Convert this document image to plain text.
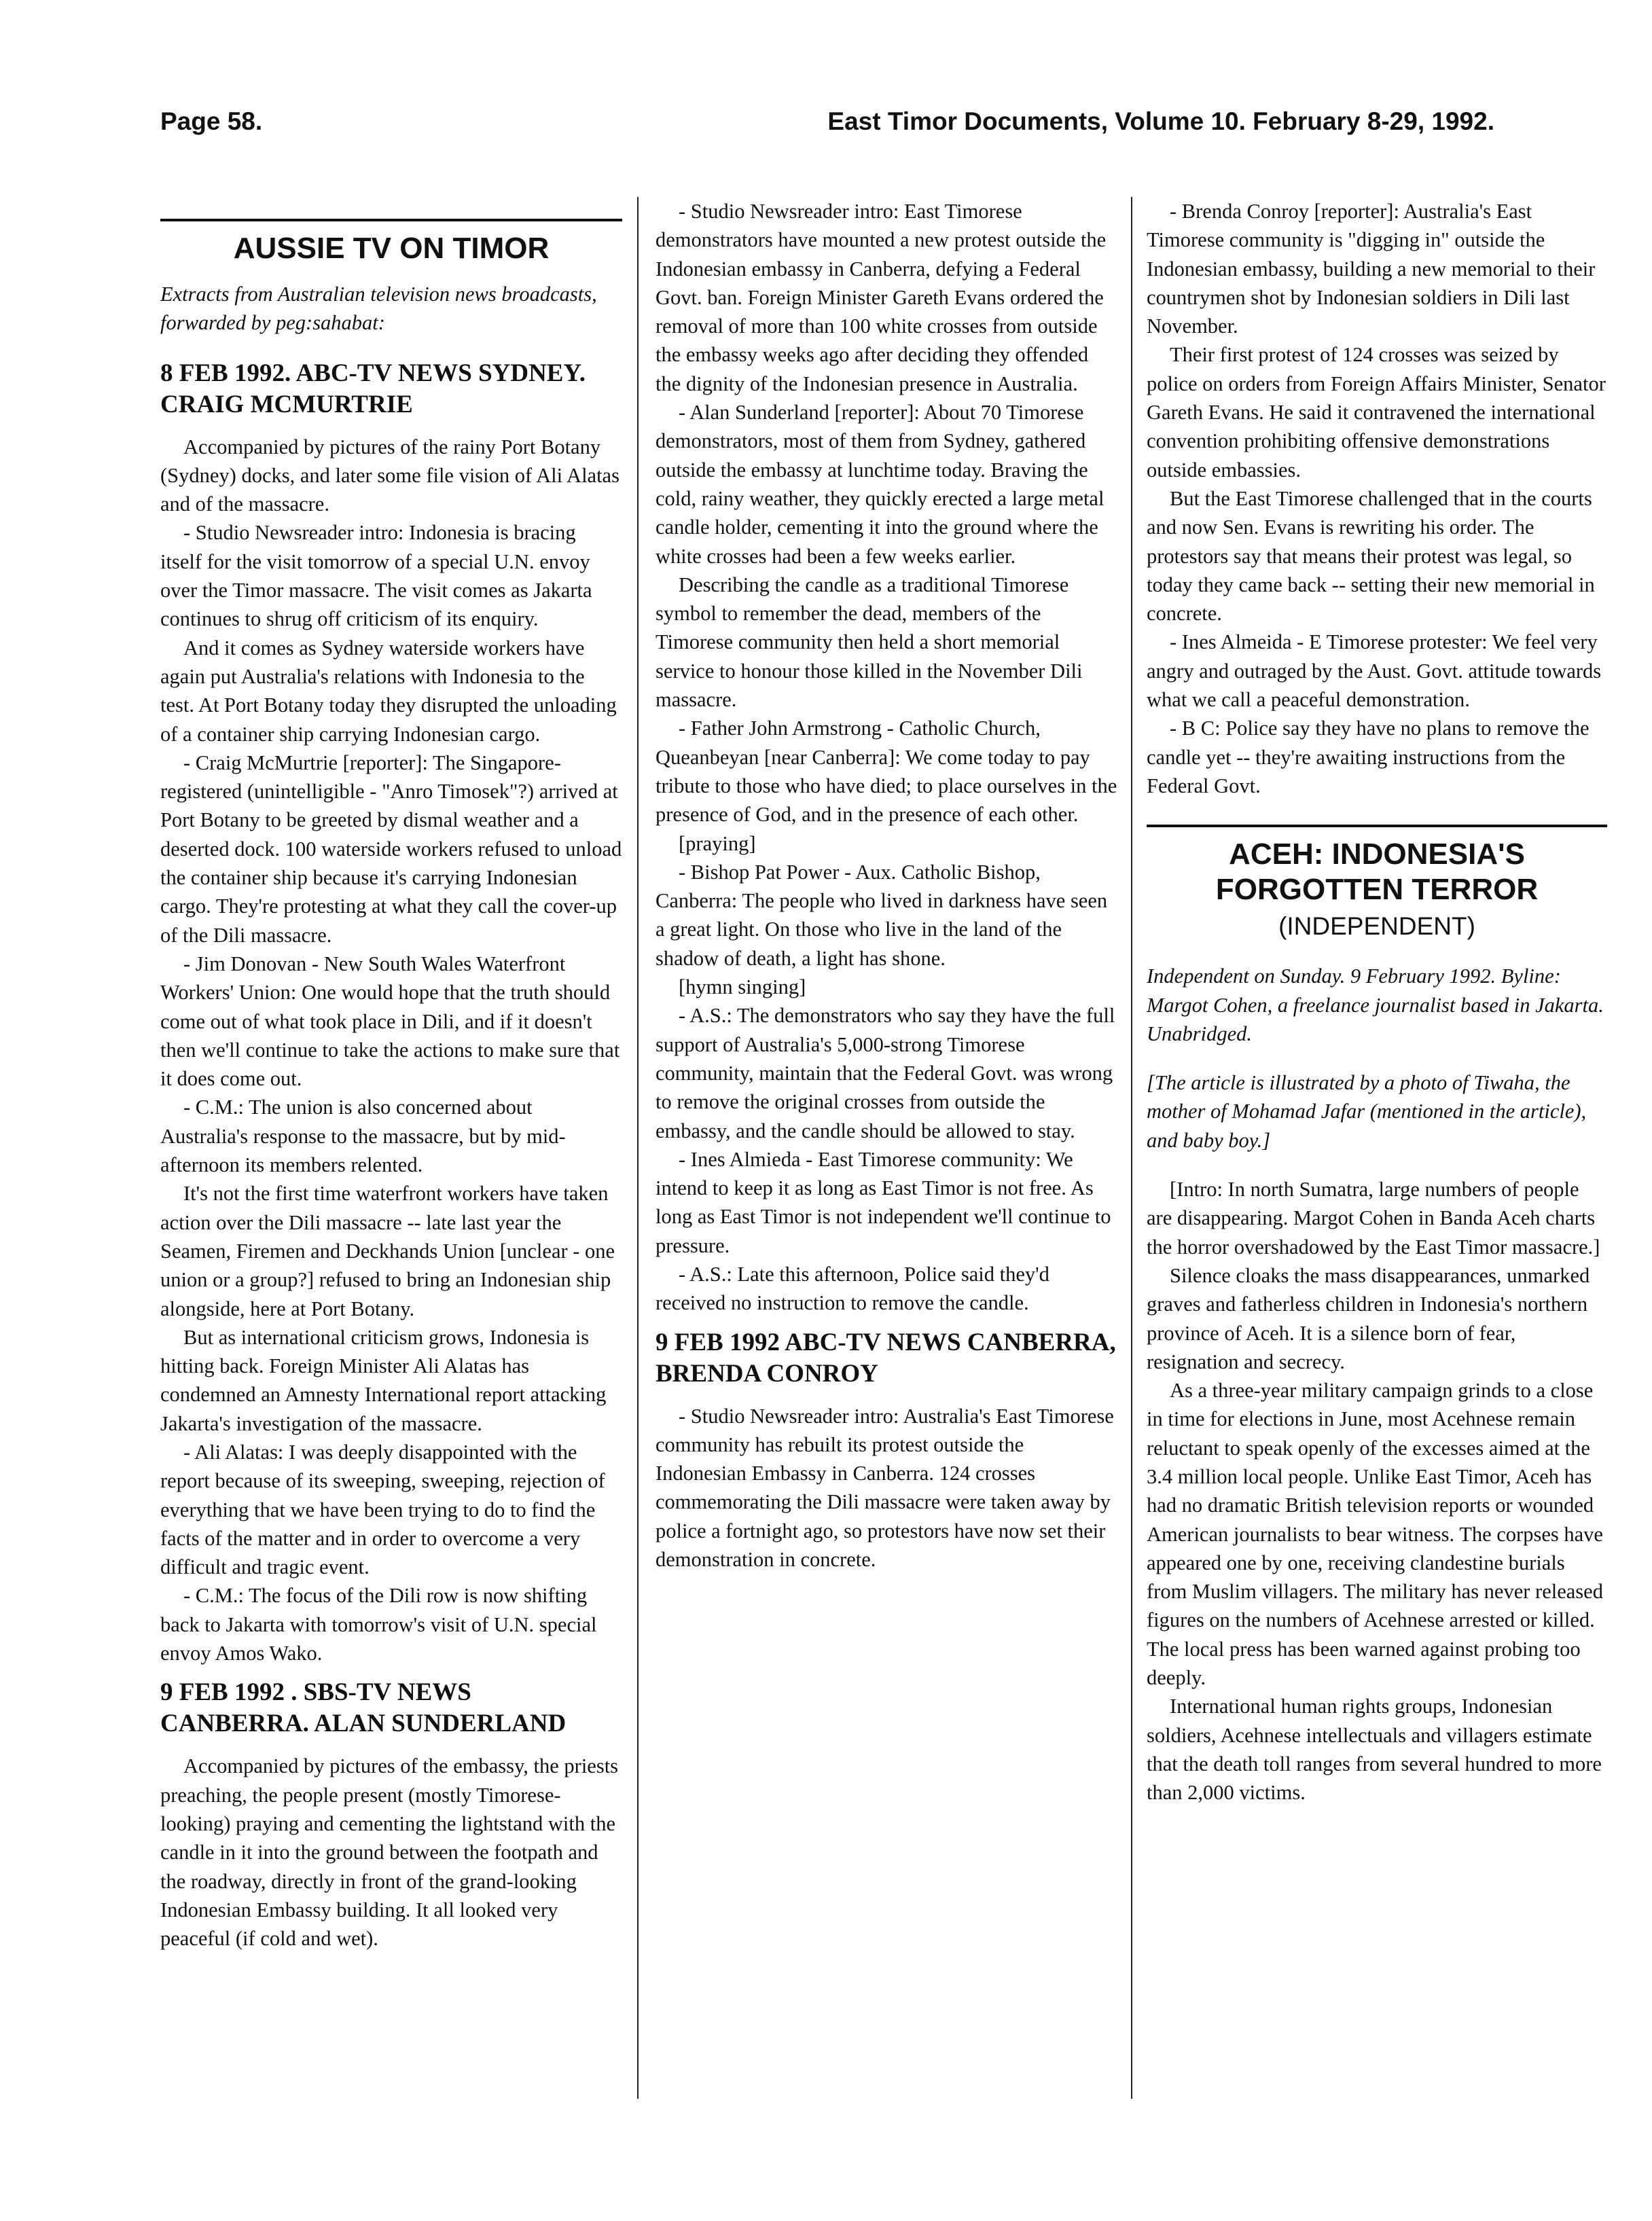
Page 58.	East Timor Documents, Volume 10. February 8-29, 1992.
AUSSIE TV ON TIMOR
Extracts from Australian television news broadcasts, forwarded by peg:sahabat:
8 FEB 1992. ABC-TV NEWS SYDNEY. CRAIG MCMURTRIE

Accompanied by pictures of the rainy Port Botany (Sydney) docks, and later some file vision of Ali Alatas and of the massacre.

- Studio Newsreader intro: Indonesia is bracing itself for the visit tomorrow of a special U.N. envoy over the Timor massacre. The visit comes as Jakarta continues to shrug off criticism of its enquiry.

And it comes as Sydney waterside workers have again put Australia's relations with Indonesia to the test. At Port Botany today they disrupted the unloading of a container ship carrying Indonesian cargo.

- Craig McMurtrie [reporter]: The Singapore-registered (unintelligible - "Anro Timosek"?) arrived at Port Botany to be greeted by dismal weather and a deserted dock. 100 waterside workers refused to unload the container ship because it's carrying Indonesian cargo. They're protesting at what they call the cover-up of the Dili massacre.

- Jim Donovan - New South Wales Waterfront Workers' Union: One would hope that the truth should come out of what took place in Dili, and if it doesn't then we'll continue to take the actions to make sure that it does come out.

- C.M.: The union is also concerned about Australia's response to the massacre, but by mid-afternoon its members relented.

It's not the first time waterfront workers have taken action over the Dili massacre -- late last year the Seamen, Firemen and Deckhands Union [unclear - one union or a group?] refused to bring an Indonesian ship alongside, here at Port Botany.

But as international criticism grows, Indonesia is hitting back. Foreign Minister Ali Alatas has condemned an Amnesty International report attacking Jakarta's investigation of the massacre.

- Ali Alatas: I was deeply disappointed with the report because of its sweeping, sweeping, rejection of everything that we have been trying to do to find the facts of the matter and in order to overcome a very difficult and tragic event.

- C.M.: The focus of the Dili row is now shifting back to Jakarta with tomorrow's visit of U.N. special envoy Amos Wako.

9 FEB 1992 . SBS-TV NEWS CANBERRA. ALAN SUNDERLAND

Accompanied by pictures of the embassy, the priests preaching, the people present (mostly Timorese-looking) praying and cementing the lightstand with the candle in it into the ground between the footpath and the roadway, directly in front of the grand-looking Indonesian Embassy building. It all looked very peaceful (if cold and wet).

- Studio Newsreader intro: East Timorese demonstrators have mounted a new protest outside the Indonesian embassy in Canberra, defying a Federal Govt. ban. Foreign Minister Gareth Evans ordered the removal of more than 100 white crosses from outside the embassy weeks ago after deciding they offended the dignity of the Indonesian presence in Australia.

- Alan Sunderland [reporter]: About 70 Timorese demonstrators, most of them from Sydney, gathered outside the embassy at lunchtime today. Braving the cold, rainy weather, they quickly erected a large metal candle holder, cementing it into the ground where the white crosses had been a few weeks earlier.

Describing the candle as a traditional Timorese symbol to remember the dead, members of the Timorese community then held a short memorial service to honour those killed in the November Dili massacre.

- Father John Armstrong - Catholic Church, Queanbeyan [near Canberra]: We come today to pay tribute to those who have died; to place ourselves in the presence of God, and in the presence of each other.

[praying]

- Bishop Pat Power - Aux. Catholic Bishop, Canberra: The people who lived in darkness have seen a great light. On those who live in the land of the shadow of death, a light has shone.

[hymn singing]

- A.S.: The demonstrators who say they have the full support of Australia's 5,000-strong Timorese community, maintain that the Federal Govt. was wrong to remove the original crosses from outside the embassy, and the candle should be allowed to stay.

- Ines Almieda - East Timorese community: We intend to keep it as long as East Timor is not free. As long as East Timor is not independent we'll continue to pressure.

- A.S.: Late this afternoon, Police said they'd received no instruction to remove the candle.

9 FEB 1992 ABC-TV NEWS CANBERRA, BRENDA CONROY

- Studio Newsreader intro: Australia's East Timorese community has rebuilt its protest outside the Indonesian Embassy in Canberra. 124 crosses commemorating the Dili massacre were taken away by police a fortnight ago, so protestors have now set their demonstration in concrete.

- Brenda Conroy [reporter]: Australia's East Timorese community is "digging in" outside the Indonesian embassy, building a new memorial to their countrymen shot by Indonesian soldiers in Dili last November.

Their first protest of 124 crosses was seized by police on orders from Foreign Affairs Minister, Senator Gareth Evans. He said it contravened the international convention prohibiting offensive demonstrations outside embassies.

But the East Timorese challenged that in the courts and now Sen. Evans is rewriting his order. The protestors say that means their protest was legal, so today they came back -- setting their new memorial in concrete.

- Ines Almeida - E Timorese protester: We feel very angry and outraged by the Aust. Govt. attitude towards what we call a peaceful demonstration.

- B C: Police say they have no plans to remove the candle yet -- they're awaiting instructions from the Federal Govt.

ACEH: INDONESIA'S FORGOTTEN TERROR
(INDEPENDENT)
Independent on Sunday. 9 February 1992. Byline: Margot Cohen, a freelance journalist based in Jakarta. Unabridged.
[The article is illustrated by a photo of Tiwaha, the mother of Mohamad Jafar (mentioned in the article), and baby boy.]

[Intro: In north Sumatra, large numbers of people are disappearing. Margot Cohen in Banda Aceh charts the horror overshadowed by the East Timor massacre.]

Silence cloaks the mass disappearances, unmarked graves and fatherless children in Indonesia's northern province of Aceh. It is a silence born of fear, resignation and secrecy.

As a three-year military campaign grinds to a close in time for elections in June, most Acehnese remain reluctant to speak openly of the excesses aimed at the 3.4 million local people. Unlike East Timor, Aceh has had no dramatic British television reports or wounded American journalists to bear witness. The corpses have appeared one by one, receiving clandestine burials from Muslim villagers. The military has never released figures on the numbers of Acehnese arrested or killed. The local press has been warned against probing too deeply.

International human rights groups, Indonesian soldiers, Acehnese intellectuals and villagers estimate that the death toll ranges from several hundred to more than 2,000 victims.
